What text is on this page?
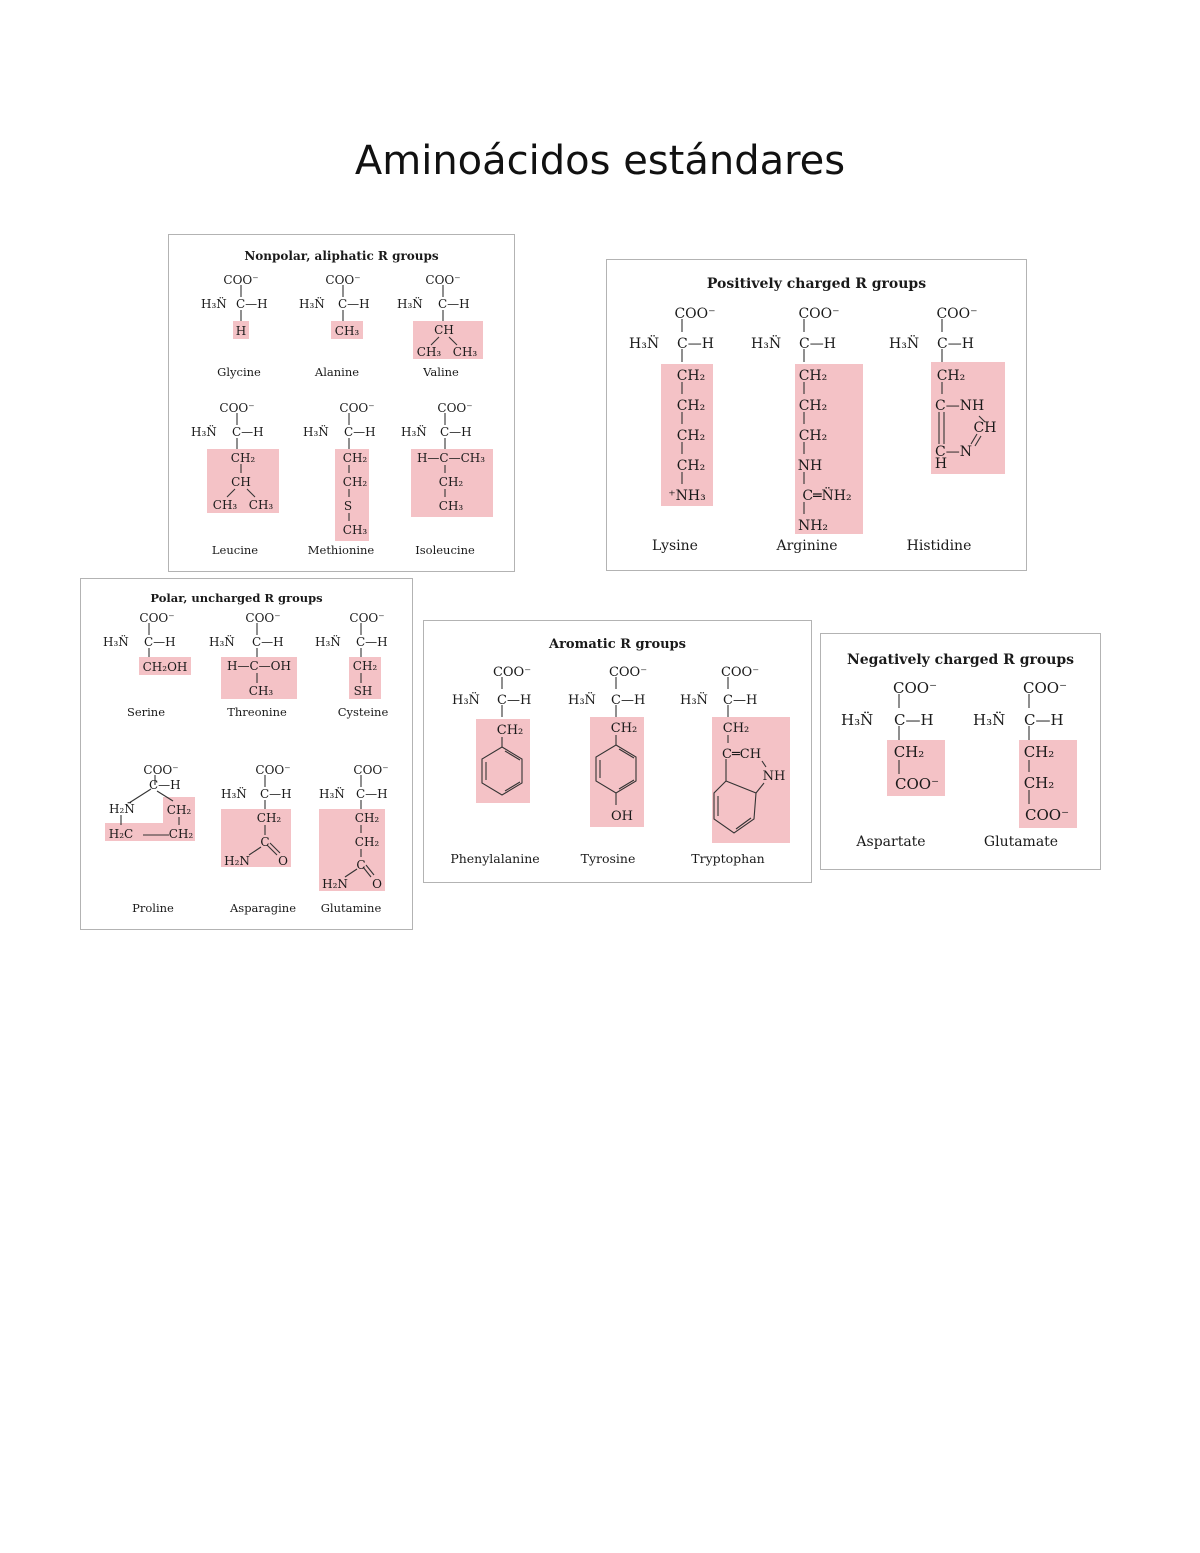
Aminoácidos estándares
Nonpolar, aliphatic R groups
COO⁻
H₃N̈ C—H
H
Glycine
COO⁻
H₃N̈ C—H
CH₃
Alanine
COO⁻
H₃N̈ C—H
CH
CH₃ CH₃
Valine
COO⁻
H₃N̈ C—H
CH₂
CH
CH₃ CH₃
Leucine
COO⁻
H₃N̈ C—H
CH₂
CH₂
S
CH₃
Methionine
COO⁻
H₃N̈ C—H
H—C—CH₃
CH₂
CH₃
Isoleucine
Positively charged R groups
COO⁻
H₃N̈ C—H
CH₂
CH₂
CH₂
CH₂
⁺NH₃
Lysine
COO⁻
H₃N̈ C—H
CH₂
CH₂
CH₂
NH
C═N̈H₂
NH₂
Arginine
COO⁻
H₃N̈ C—H
CH₂
C—NH
CH
C—N
H
Histidine
Polar, uncharged R groups
COO⁻
H₃N̈ C—H
CH₂OH
Serine
COO⁻
H₃N̈ C—H
H—C—OH
CH₃
Threonine
COO⁻
H₃N̈ C—H
CH₂
SH
Cysteine
COO⁻
H₂N̈
C—H
CH₂
H₂C	CH₂
Proline
COO⁻
H₃N̈ C—H
CH₂
C
H₂N O
Asparagine
COO⁻
H₃N̈ C—H
CH₂
CH₂
C
H₂N O
Glutamine
Aromatic R groups
COO⁻
H₃N̈ C—H
CH₂
Phenylalanine
COO⁻
H₃N̈ C—H
CH₂
OH
Tyrosine
COO⁻
H₃N̈ C—H
CH₂
C═CH
NH
Tryptophan
Negatively charged R groups
COO⁻
H₃N̈ C—H
CH₂
COO⁻
Aspartate
COO⁻
H₃N̈ C—H
CH₂
CH₂
COO⁻
Glutamate
